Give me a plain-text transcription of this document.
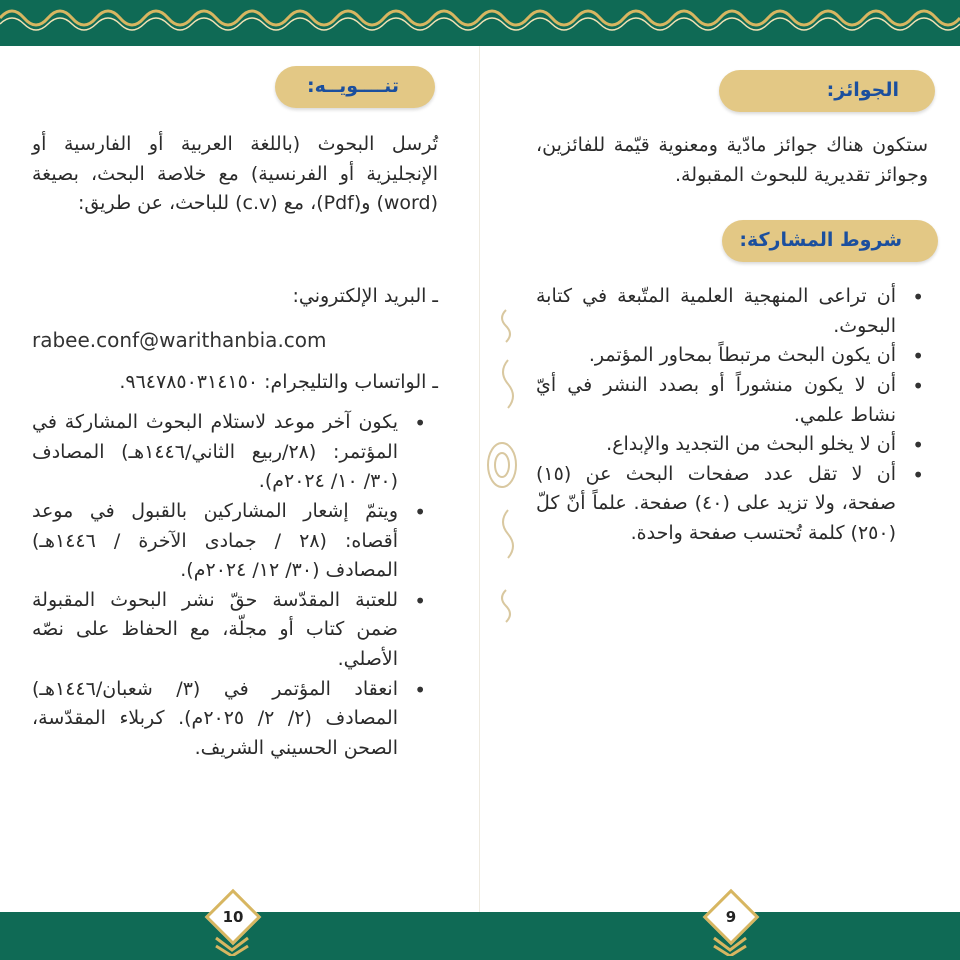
الجوائز:

ستكون هناك جوائز مادّية ومعنوية قيّمة للفائزين، وجوائز تقديرية للبحوث المقبولة.

شروط المشاركة:
• أن تراعى المنهجية العلمية المتّبعة في كتابة البحوث.
• أن يكون البحث مرتبطاً بمحاور المؤتمر.
• أن لا يكون منشوراً أو بصدد النشر في أيّ نشاط علمي.
• أن لا يخلو البحث من التجديد والإبداع.
• أن لا تقل عدد صفحات البحث عن (١٥) صفحة، ولا تزيد على (٤٠) صفحة. علماً أنّ كلّ (٢٥٠) كلمة تُحتسب صفحة واحدة.
تنــــويــه:

تُرسل البحوث (باللغة العربية أو الفارسية أو الإنجليزية أو الفرنسية) مع خلاصة البحث، بصيغة (word) و(Pdf)، مع (c.v) للباحث، عن طريق:

ـ البريد الإلكتروني:

rabee.conf@warithanbia.com

ـ الواتساب والتليجرام: ٩٦٤٧٨٥٠٣١٤١٥٠.

• يكون آخر موعد لاستلام البحوث المشاركة في المؤتمر: (٢٨/ربيع الثاني/١٤٤٦هـ) المصادف (٣٠/ ١٠/ ٢٠٢٤م).
• ويتمّ إشعار المشاركين بالقبول في موعد أقصاه: (٢٨ / جمادى الآخرة / ١٤٤٦هـ) المصادف (٣٠/ ١٢/ ٢٠٢٤م).
• للعتبة المقدّسة حقّ نشر البحوث المقبولة ضمن كتاب أو مجلّة، مع الحفاظ على نصّه الأصلي.
• انعقاد المؤتمر في (٣/ شعبان/١٤٤٦هـ) المصادف (٢/ ٢/ ٢٠٢٥م). كربلاء المقدّسة، الصحن الحسيني الشريف.
10	9
